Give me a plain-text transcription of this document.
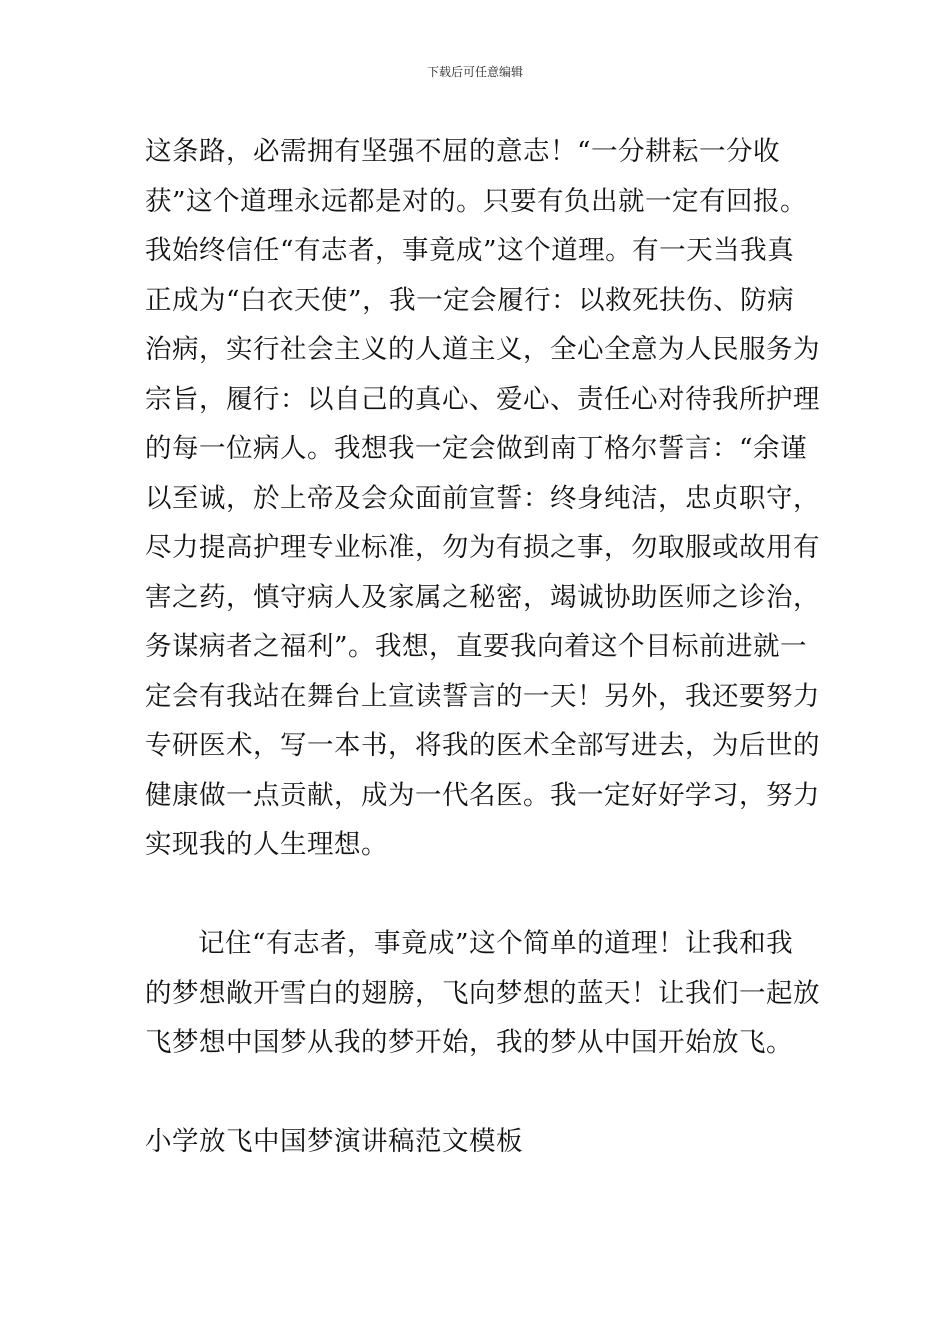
下载后可任意编辑
这条路，必需拥有坚强不屈的意志！“一分耕耘一分收
获”这个道理永远都是对的。只要有负出就一定有回报。
我始终信任“有志者，事竟成”这个道理。有一天当我真
正成为“白衣天使”，我一定会履行：以救死扶伤、防病
治病，实行社会主义的人道主义，全心全意为人民服务为
宗旨，履行：以自己的真心、爱心、责任心对待我所护理
的每一位病人。我想我一定会做到南丁格尔誓言：“余谨
以至诚，於上帝及会众面前宣誓：终身纯洁，忠贞职守，
尽力提高护理专业标准，勿为有损之事，勿取服或故用有
害之药，慎守病人及家属之秘密，竭诚协助医师之诊治，
务谋病者之福利”。我想，直要我向着这个目标前进就一
定会有我站在舞台上宣读誓言的一天！另外，我还要努力
专研医术，写一本书，将我的医术全部写进去，为后世的
健康做一点贡献，成为一代名医。我一定好好学习，努力
实现我的人生理想。
记住“有志者，事竟成”这个简单的道理！让我和我
的梦想敞开雪白的翅膀，飞向梦想的蓝天！让我们一起放
飞梦想中国梦从我的梦开始，我的梦从中国开始放飞。
小学放飞中国梦演讲稿范文模板
